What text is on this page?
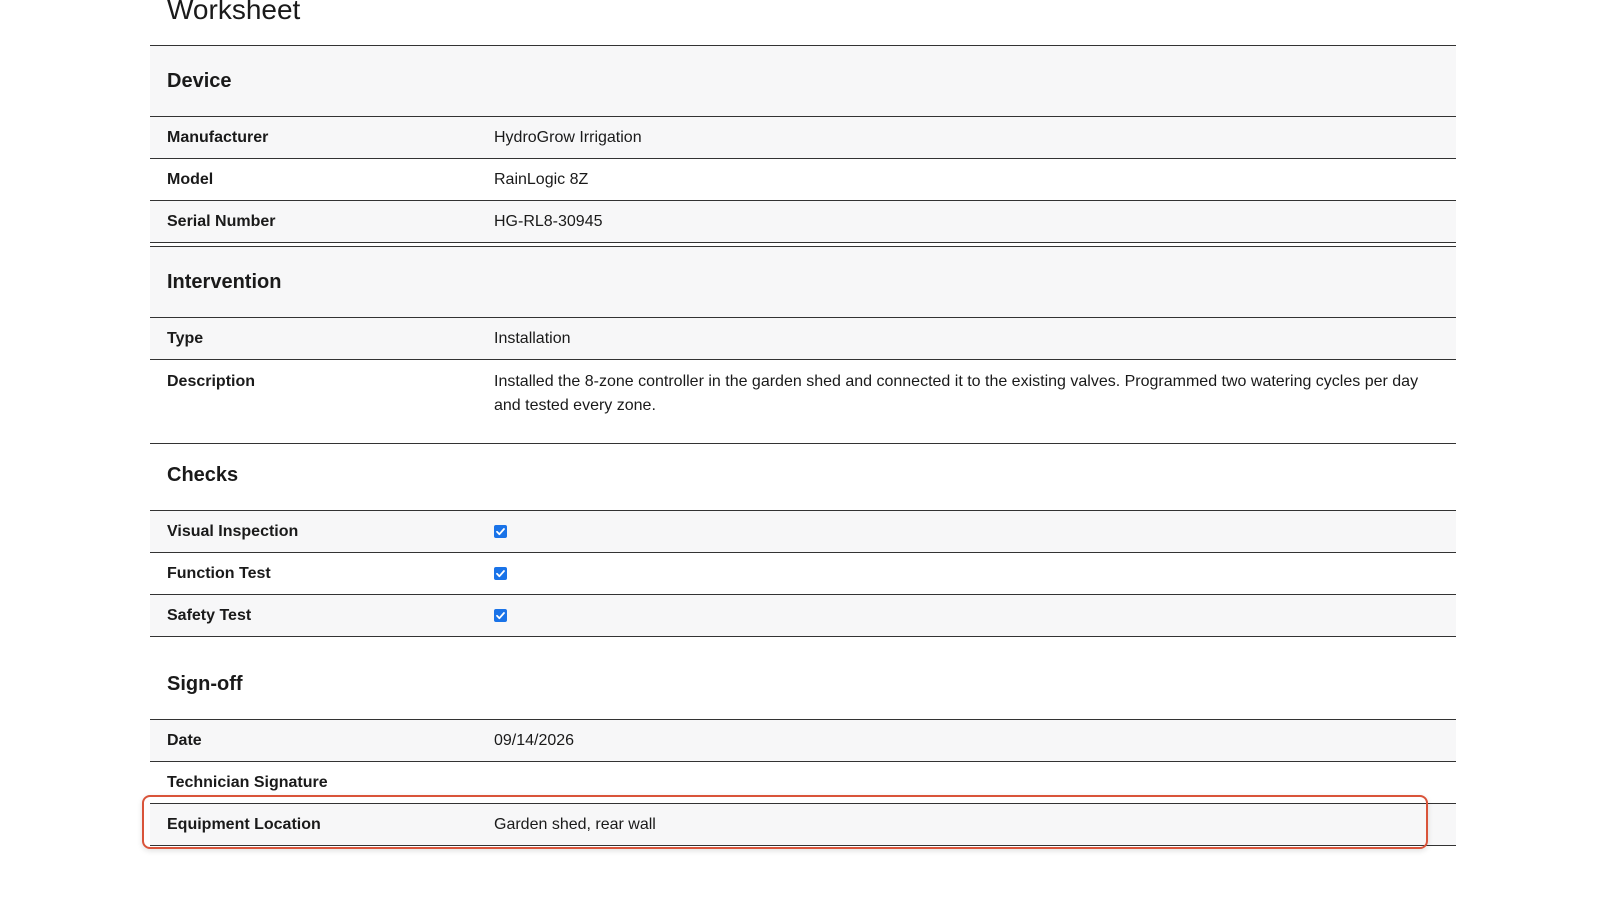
Worksheet
Device	
Manufacturer	HydroGrow Irrigation
Model	RainLogic 8Z
Serial Number	HG-RL8-30945
Intervention	
Type	Installation
Description	Installed the 8-zone controller in the garden shed and connected it to the existing valves. Programmed two watering cycles per day and tested every zone.
Checks	
Visual Inspection	

Function Test	

Safety Test	
Sign-off	
Date	09/14/2026
Technician Signature	
Equipment Location	Garden shed, rear wall
